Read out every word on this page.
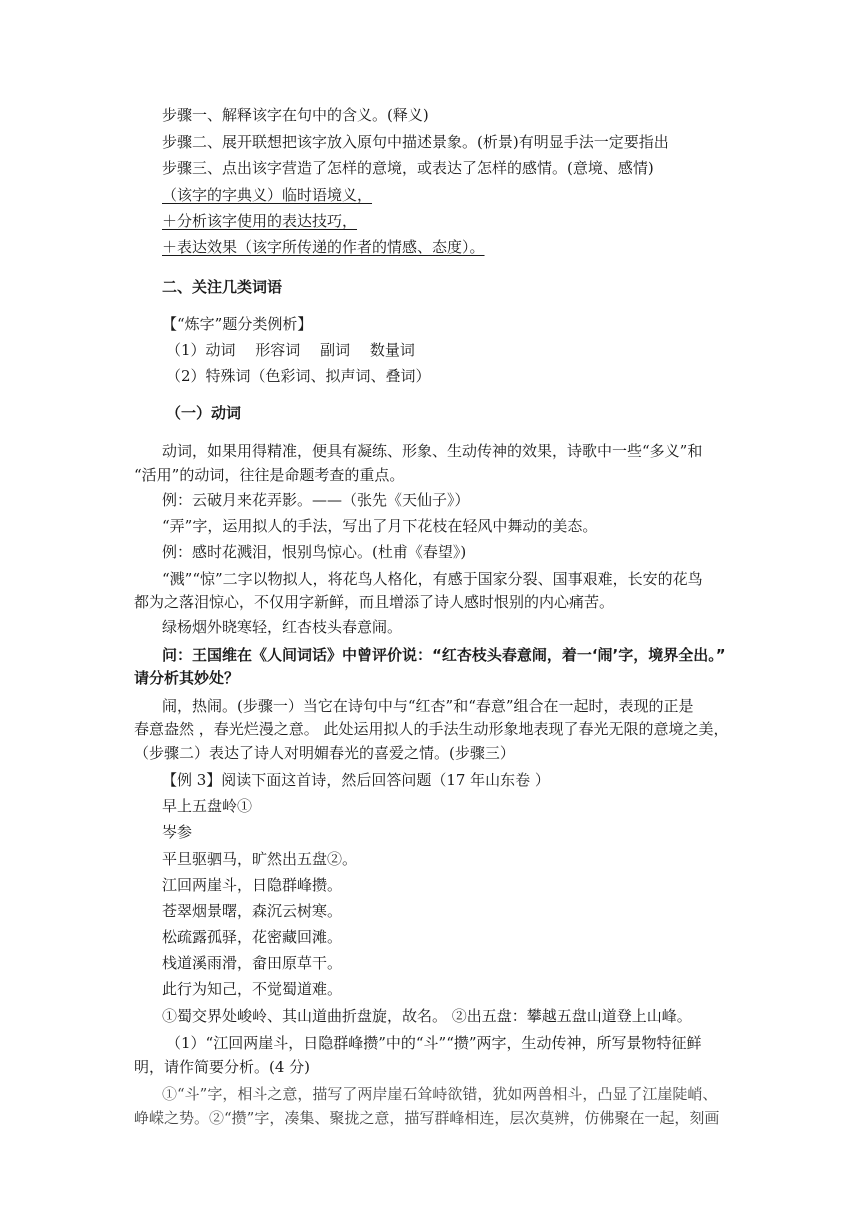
步骤一、解释该字在句中的含义。(释义)
步骤二、展开联想把该字放入原句中描述景象。(析景)有明显手法一定要指出
步骤三、点出该字营造了怎样的意境，或表达了怎样的感情。(意境、感情)
（该字的字典义）临时语境义，
＋分析该字使用的表达技巧，
＋表达效果（该字所传递的作者的情感、态度）。
二、关注几类词语
【“炼字”题分类例析】
（1）动词　 形容词　 副词　 数量词
（2）特殊词（色彩词、拟声词、叠词）
（一）动词
动词，如果用得精准，便具有凝练、形象、生动传神的效果，诗歌中一些“多义”和
“活用”的动词，往往是命题考查的重点。
例：云破月来花弄影。——（张先《天仙子》）
“弄”字，运用拟人的手法，写出了月下花枝在轻风中舞动的美态。
例：感时花溅泪，恨别鸟惊心。(杜甫《春望》)
“溅”“惊”二字以物拟人，将花鸟人格化，有感于国家分裂、国事艰难，长安的花鸟
都为之落泪惊心，不仅用字新鲜，而且增添了诗人感时恨别的内心痛苦。
绿杨烟外晓寒轻，红杏枝头春意闹。
问：王国维在《人间词话》中曾评价说：“红杏枝头春意闹，着一‘闹’字，境界全出。”
请分析其妙处？
闹，热闹。(步骤一）当它在诗句中与“红杏”和“春意”组合在一起时，表现的正是
春意盎然 ，春光烂漫之意。 此处运用拟人的手法生动形象地表现了春光无限的意境之美，
（步骤二）表达了诗人对明媚春光的喜爱之情。(步骤三）
【例 3】阅读下面这首诗，然后回答问题（17 年山东卷 ）
早上五盘岭①
岑参
平旦驱驷马，旷然出五盘②。
江回两崖斗，日隐群峰攒。
苍翠烟景曙，森沉云树寒。
松疏露孤驿，花密藏回滩。
栈道溪雨滑，畲田原草干。
此行为知己，不觉蜀道难。
①蜀交界处峻岭、其山道曲折盘旋，故名。 ②出五盘：攀越五盘山道登上山峰。
（1）“江回两崖斗，日隐群峰攒”中的“斗”“攒”两字，生动传神，所写景物特征鲜
明，请作简要分析。(4 分)
①“斗”字，相斗之意，描写了两岸崖石耸峙欲错，犹如两兽相斗，凸显了江崖陡峭、
峥嵘之势。②“攒”字，凑集、聚拢之意，描写群峰相连，层次莫辨，仿佛聚在一起，刻画
